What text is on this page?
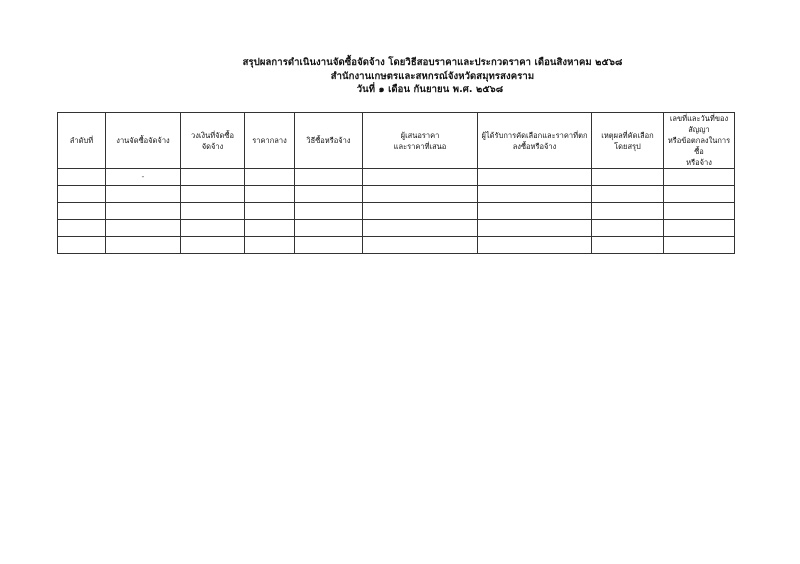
สรุปผลการดำเนินงานจัดซื้อจัดจ้าง โดยวิธีสอบราคาและประกวดราคา เดือนสิงหาคม ๒๕๖๘
สำนักงานเกษตรและสหกรณ์จังหวัดสมุทรสงคราม
วันที่ ๑ เดือน กันยายน พ.ศ. ๒๕๖๘
ลำดับที่	งานจัดซื้อจัดจ้าง	วงเงินที่จัดซื้อ
จัดจ้าง	ราคากลาง	วิธีซื้อหรือจ้าง	ผู้เสนอราคา
และราคาที่เสนอ	ผู้ได้รับการคัดเลือกและราคาที่ตก
ลงซื้อหรือจ้าง	เหตุผลที่คัดเลือก
โดยสรุป	เลขที่และวันที่ของสัญญา
หรือข้อตกลงในการซื้อ
หรือจ้าง

	-							
